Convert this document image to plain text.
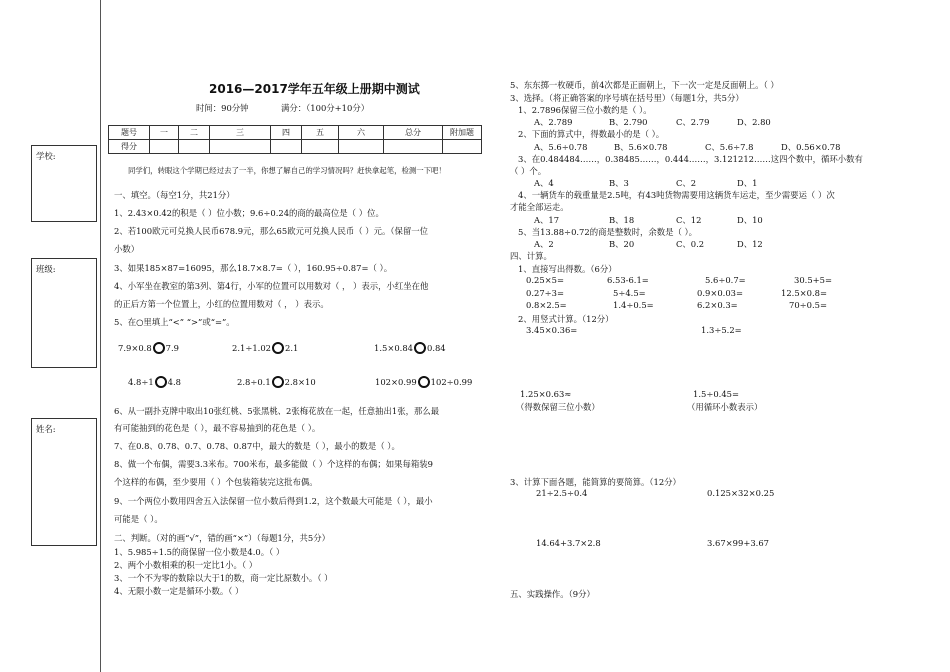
学校:
班级:
姓名:
2016—2017学年五年级上册期中测试
时间：90分钟	满分：（100分+10分）
题号	一	二	三	四	五	六	总分	附加题
得分								
同学们，转眼这个学期已经过去了一半，你想了解自己的学习情况吗？赶快拿起笔，检测一下吧！
一、填空。（每空1分，共21分）
1、2.43×0.42的积是（ ）位小数；9.6÷0.24的商的最高位是（ ）位。
2、若100欧元可兑换人民币678.9元，那么65欧元可兑换人民币（ ）元。（保留一位
小数）
3、如果185×87=16095，那么18.7×8.7=（ ），160.95÷0.87=（ ）。
4、小军坐在教室的第3列、第4行，小军的位置可以用数对（ ， ）表示，小红坐在他
的正后方第一个位置上，小红的位置用数对（ ， ）表示。
5、在○里填上“<” “>”或“=”。
7.9×0.8 7.9	2.1÷1.02 2.1	1.5×0.84 0.84
4.8÷1 4.8	2.8÷0.1 2.8×10	102×0.99 102÷0.99
6、从一副扑克牌中取出10张红桃、5张黑桃、2张梅花放在一起，任意抽出1张，那么最
有可能抽到的花色是（ ），最不容易抽到的花色是（ ）。
7、在0.8、0.78、0.7、0.78、0.87中，最大的数是（ ），最小的数是（ ）。
8、做一个布偶，需要3.3米布。700米布，最多能做（ ）个这样的布偶；如果每箱装9
个这样的布偶，至少要用（ ）个包装箱装完这批布偶。
9、一个两位小数用四舍五入法保留一位小数后得到1.2，这个数最大可能是（ ），最小
可能是（ ）。
二、判断。（对的画“√”，错的画“×”）（每题1分，共5分）
1、5.985÷1.5的商保留一位小数是4.0。（ ）
2、两个小数相乘的积一定比1小。（ ）
3、一个不为零的数除以大于1的数，商一定比原数小。（ ）
4、无限小数一定是循环小数。（ ）
5、东东掷一枚硬币，前4次都是正面朝上，下一次一定是反面朝上。（ ）
3、选择。（将正确答案的序号填在括号里）（每题1分，共5分）
1、2.7896保留三位小数约是（ ）。
A、2.789	B、2.790	C、2.79	D、2.80
2、下面的算式中，得数最小的是（ ）。
A、5.6÷0.78	B、5.6×0.78	C、5.6÷7.8	D、0.56×0.78
3、在0.484484……，0.38485……，0.444……，3.121212……这四个数中，循环小数有
（ ）个。
A、4	B、3	C、2	D、1
4、一辆货车的载重量是2.5吨，有43吨货物需要用这辆货车运走，至少需要运（ ）次
才能全部运走。
A、17	B、18	C、12	D、10
5、当13.88÷0.72的商是整数时，余数是（ ）。
A、2	B、20	C、0.2	D、12
四、计算。
1、直接写出得数。（6分）
0.25×5=	6.53-6.1=	5.6÷0.7=	30.5+5=
0.27÷3=	5÷4.5=	0.9×0.03=	12.5×0.8=
0.8×2.5=	1.4÷0.5=	6.2×0.3=	70÷0.5=
2、用竖式计算。（12分）
3.45×0.36=	1.3÷5.2=
1.25×0.63≈
（得数保留三位小数）
1.5÷0.45=
（用循环小数表示）
3、计算下面各题，能简算的要简算。（12分）
21÷2.5÷0.4	0.125×32×0.25
14.64+3.7×2.8	3.67×99+3.67
五、实践操作。（9分）
